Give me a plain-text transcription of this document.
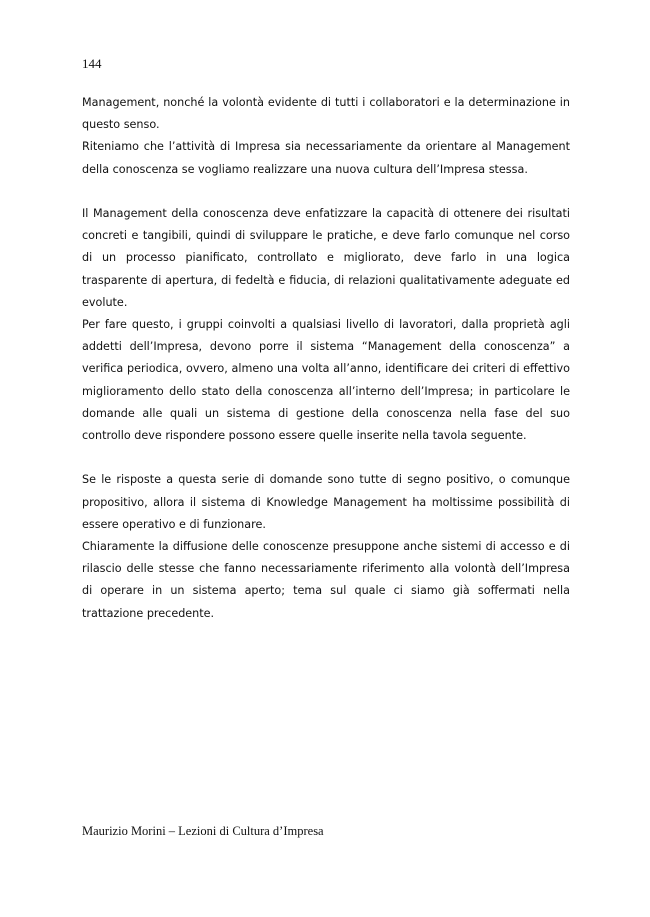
144

Management, nonché la volontà evidente di tutti i collaboratori e la determinazione in questo senso.

Riteniamo che l’attività di Impresa sia necessariamente da orientare al Management della conoscenza se vogliamo realizzare una nuova cultura dell’Impresa stessa.

Il Management della conoscenza deve enfatizzare la capacità di ottenere dei risultati concreti e tangibili, quindi di sviluppare le pratiche, e deve farlo comunque nel corso di un processo pianificato, controllato e migliorato, deve farlo in una logica trasparente di apertura, di fedeltà e fiducia, di relazioni qualitativamente adeguate ed evolute.

Per fare questo, i gruppi coinvolti a qualsiasi livello di lavoratori, dalla proprietà agli addetti dell’Impresa, devono porre il sistema “Management della conoscenza” a verifica periodica, ovvero, almeno una volta all’anno, identificare dei criteri di effettivo miglioramento dello stato della conoscenza all’interno dell’Impresa; in particolare le domande alle quali un sistema di gestione della conoscenza nella fase del suo controllo deve rispondere possono essere quelle inserite nella tavola seguente.

Se le risposte a questa serie di domande sono tutte di segno positivo, o comunque propositivo, allora il sistema di Knowledge Management ha moltissime possibilità di essere operativo e di funzionare.

Chiaramente la diffusione delle conoscenze presuppone anche sistemi di accesso e di rilascio delle stesse che fanno necessariamente riferimento alla volontà dell’Impresa di operare in un sistema aperto; tema sul quale ci siamo già soffermati nella trattazione precedente.

Maurizio Morini – Lezioni di Cultura d’Impresa
